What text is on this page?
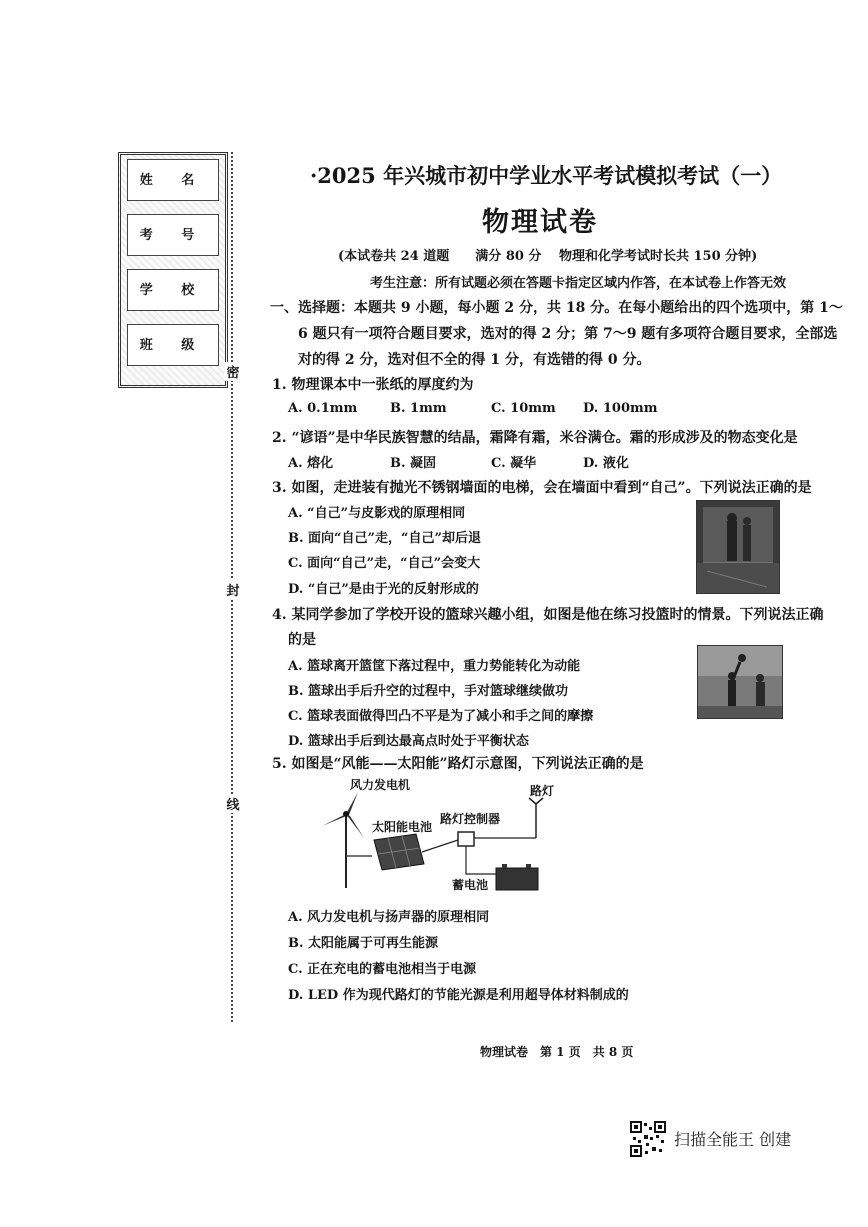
姓 名
考 号
学 校
班 级
密
封
线
·2025 年兴城市初中学业水平考试模拟考试（一）
物理试卷
(本试卷共 24 道题　　满分 80 分　 物理和化学考试时长共 150 分钟)
考生注意：所有试题必须在答题卡指定区域内作答，在本试卷上作答无效
一、选择题：本题共 9 小题，每小题 2 分，共 18 分。在每小题给出的四个选项中，第 1～
6 题只有一项符合题目要求，选对的得 2 分；第 7～9 题有多项符合题目要求，全部选
对的得 2 分，选对但不全的得 1 分，有选错的得 0 分。
1. 物理课本中一张纸的厚度约为
A. 0.1mm	B. 1mm	C. 10mm D. 100mm
2. “谚语”是中华民族智慧的结晶，霜降有霜，米谷满仓。霜的形成涉及的物态变化是
A. 熔化	B. 凝固	C. 凝华	D. 液化
3. 如图，走进装有抛光不锈钢墙面的电梯，会在墙面中看到“自己”。下列说法正确的是
A. “自己”与皮影戏的原理相同
B. 面向“自己”走，“自己”却后退
C. 面向“自己”走，“自己”会变大
D. “自己”是由于光的反射形成的
4. 某同学参加了学校开设的篮球兴趣小组，如图是他在练习投篮时的情景。下列说法正确
的是
A. 篮球离开篮筐下落过程中，重力势能转化为动能
B. 篮球出手后升空的过程中，手对篮球继续做功
C. 篮球表面做得凹凸不平是为了减小和手之间的摩擦
D. 篮球出手后到达最高点时处于平衡状态
5. 如图是“风能——太阳能”路灯示意图，下列说法正确的是
风力发电机
太阳能电池
路灯控制器
路灯
蓄电池
A. 风力发电机与扬声器的原理相同
B. 太阳能属于可再生能源
C. 正在充电的蓄电池相当于电源
D. LED 作为现代路灯的节能光源是利用超导体材料制成的
物理试卷　第 1 页　共 8 页
扫描全能王 创建
